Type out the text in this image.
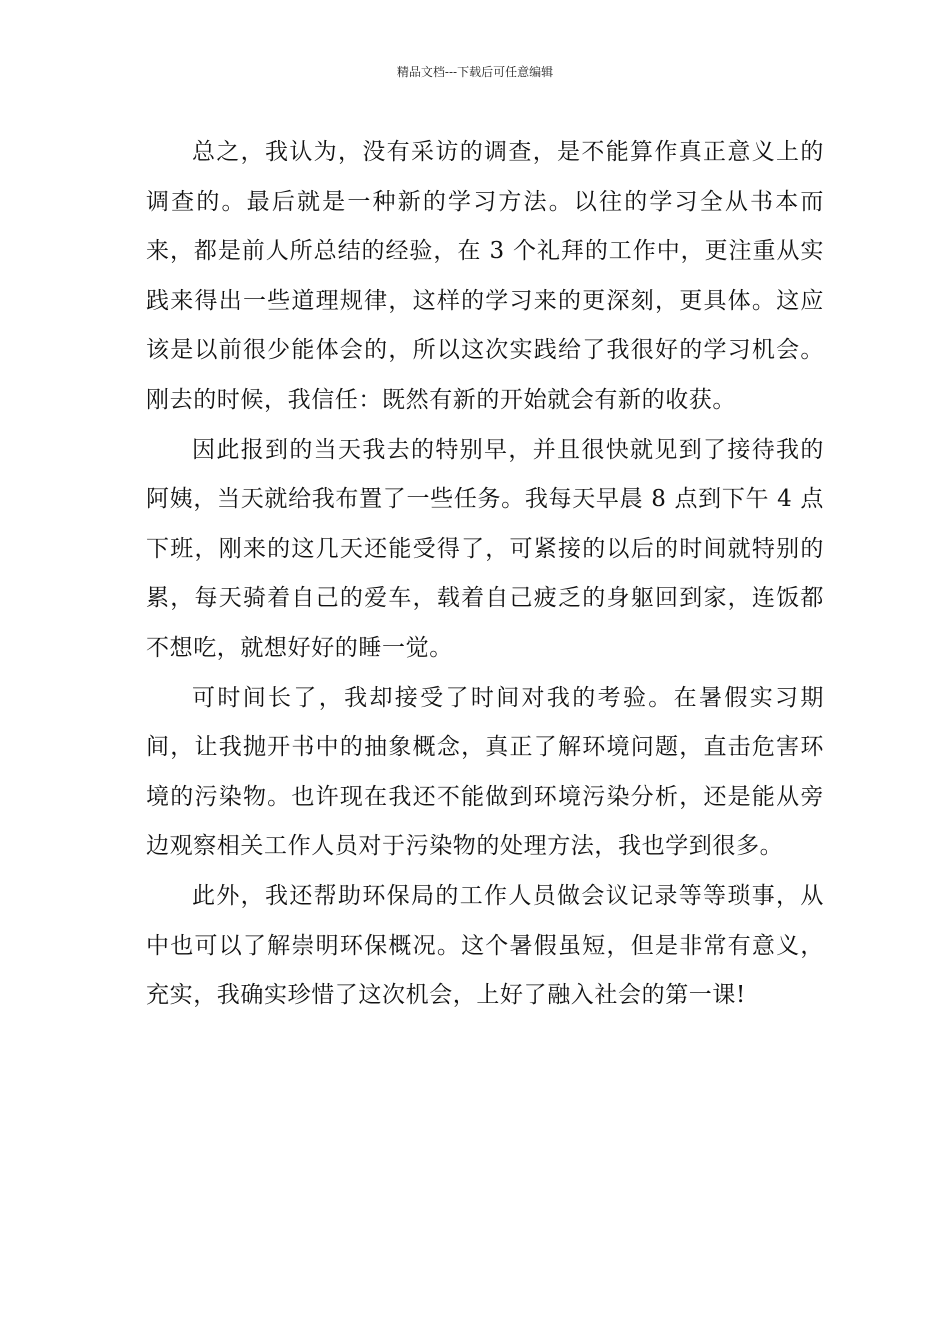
精品文档---下载后可任意编辑

总之，我认为，没有采访的调查，是不能算作真正意义上的调查的。最后就是一种新的学习方法。以往的学习全从书本而来，都是前人所总结的经验，在 3 个礼拜的工作中，更注重从实践来得出一些道理规律，这样的学习来的更深刻，更具体。这应该是以前很少能体会的，所以这次实践给了我很好的学习机会。刚去的时候，我信任：既然有新的开始就会有新的收获。

因此报到的当天我去的特别早，并且很快就见到了接待我的阿姨，当天就给我布置了一些任务。我每天早晨 8 点到下午 4 点下班，刚来的这几天还能受得了，可紧接的以后的时间就特别的累，每天骑着自己的爱车，载着自己疲乏的身躯回到家，连饭都不想吃，就想好好的睡一觉。

可时间长了，我却接受了时间对我的考验。在暑假实习期间，让我抛开书中的抽象概念，真正了解环境问题，直击危害环境的污染物。也许现在我还不能做到环境污染分析，还是能从旁边观察相关工作人员对于污染物的处理方法，我也学到很多。

此外，我还帮助环保局的工作人员做会议记录等等琐事，从中也可以了解崇明环保概况。这个暑假虽短，但是非常有意义，充实，我确实珍惜了这次机会，上好了融入社会的第一课!
